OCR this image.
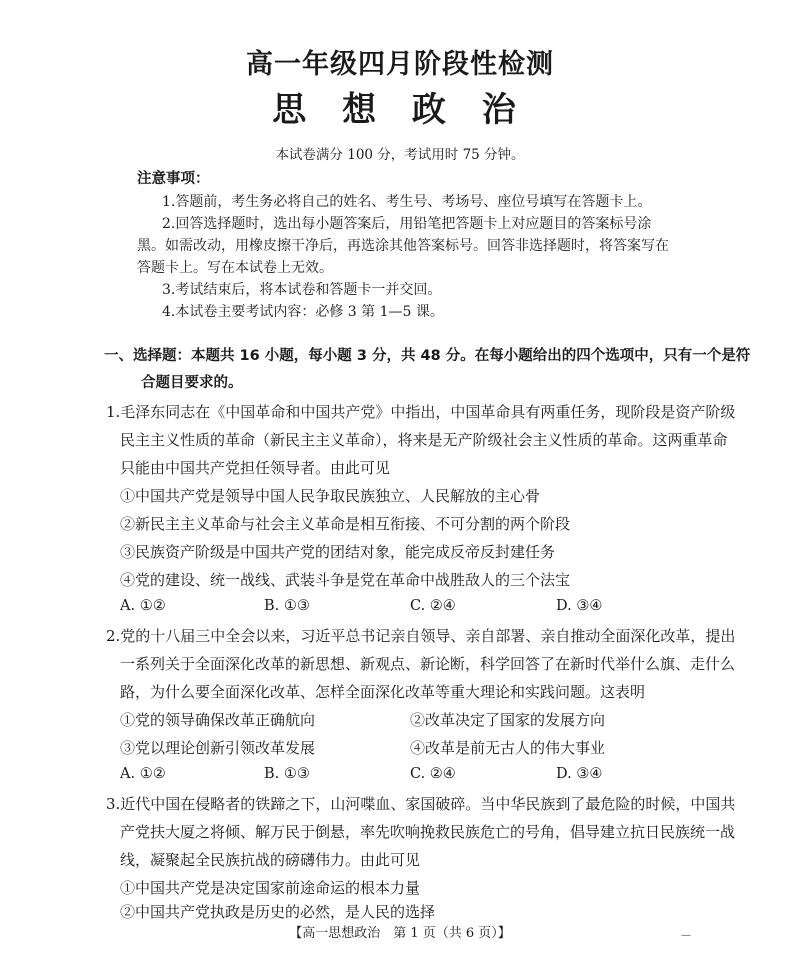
高一年级四月阶段性检测
思 想 政 治
本试卷满分 100 分，考试用时 75 分钟。
注意事项：
1.答题前，考生务必将自己的姓名、考生号、考场号、座位号填写在答题卡上。
2.回答选择题时，选出每小题答案后，用铅笔把答题卡上对应题目的答案标号涂
黑。如需改动，用橡皮擦干净后，再选涂其他答案标号。回答非选择题时，将答案写在
答题卡上。写在本试卷上无效。
3.考试结束后，将本试卷和答题卡一并交回。
4.本试卷主要考试内容：必修 3 第 1—5 课。
一、选择题：本题共 16 小题，每小题 3 分，共 48 分。在每小题给出的四个选项中，只有一个是符
合题目要求的。
1.毛泽东同志在《中国革命和中国共产党》中指出，中国革命具有两重任务，现阶段是资产阶级
民主主义性质的革命（新民主主义革命），将来是无产阶级社会主义性质的革命。这两重革命
只能由中国共产党担任领导者。由此可见
①中国共产党是领导中国人民争取民族独立、人民解放的主心骨
②新民主主义革命与社会主义革命是相互衔接、不可分割的两个阶段
③民族资产阶级是中国共产党的团结对象，能完成反帝反封建任务
④党的建设、统一战线、武装斗争是党在革命中战胜敌人的三个法宝
A. ①②	B. ①③	C. ②④	D. ③④
2.党的十八届三中全会以来，习近平总书记亲自领导、亲自部署、亲自推动全面深化改革，提出
一系列关于全面深化改革的新思想、新观点、新论断，科学回答了在新时代举什么旗、走什么
路，为什么要全面深化改革、怎样全面深化改革等重大理论和实践问题。这表明
①党的领导确保改革正确航向	②改革决定了国家的发展方向
③党以理论创新引领改革发展	④改革是前无古人的伟大事业
A. ①②	B. ①③	C. ②④	D. ③④
3.近代中国在侵略者的铁蹄之下，山河喋血、家国破碎。当中华民族到了最危险的时候，中国共
产党扶大厦之将倾、解万民于倒悬，率先吹响挽救民族危亡的号角，倡导建立抗日民族统一战
线，凝聚起全民族抗战的磅礴伟力。由此可见
①中国共产党是决定国家前途命运的根本力量
②中国共产党执政是历史的必然，是人民的选择
【高一思想政治　第 1 页（共 6 页）】	—
